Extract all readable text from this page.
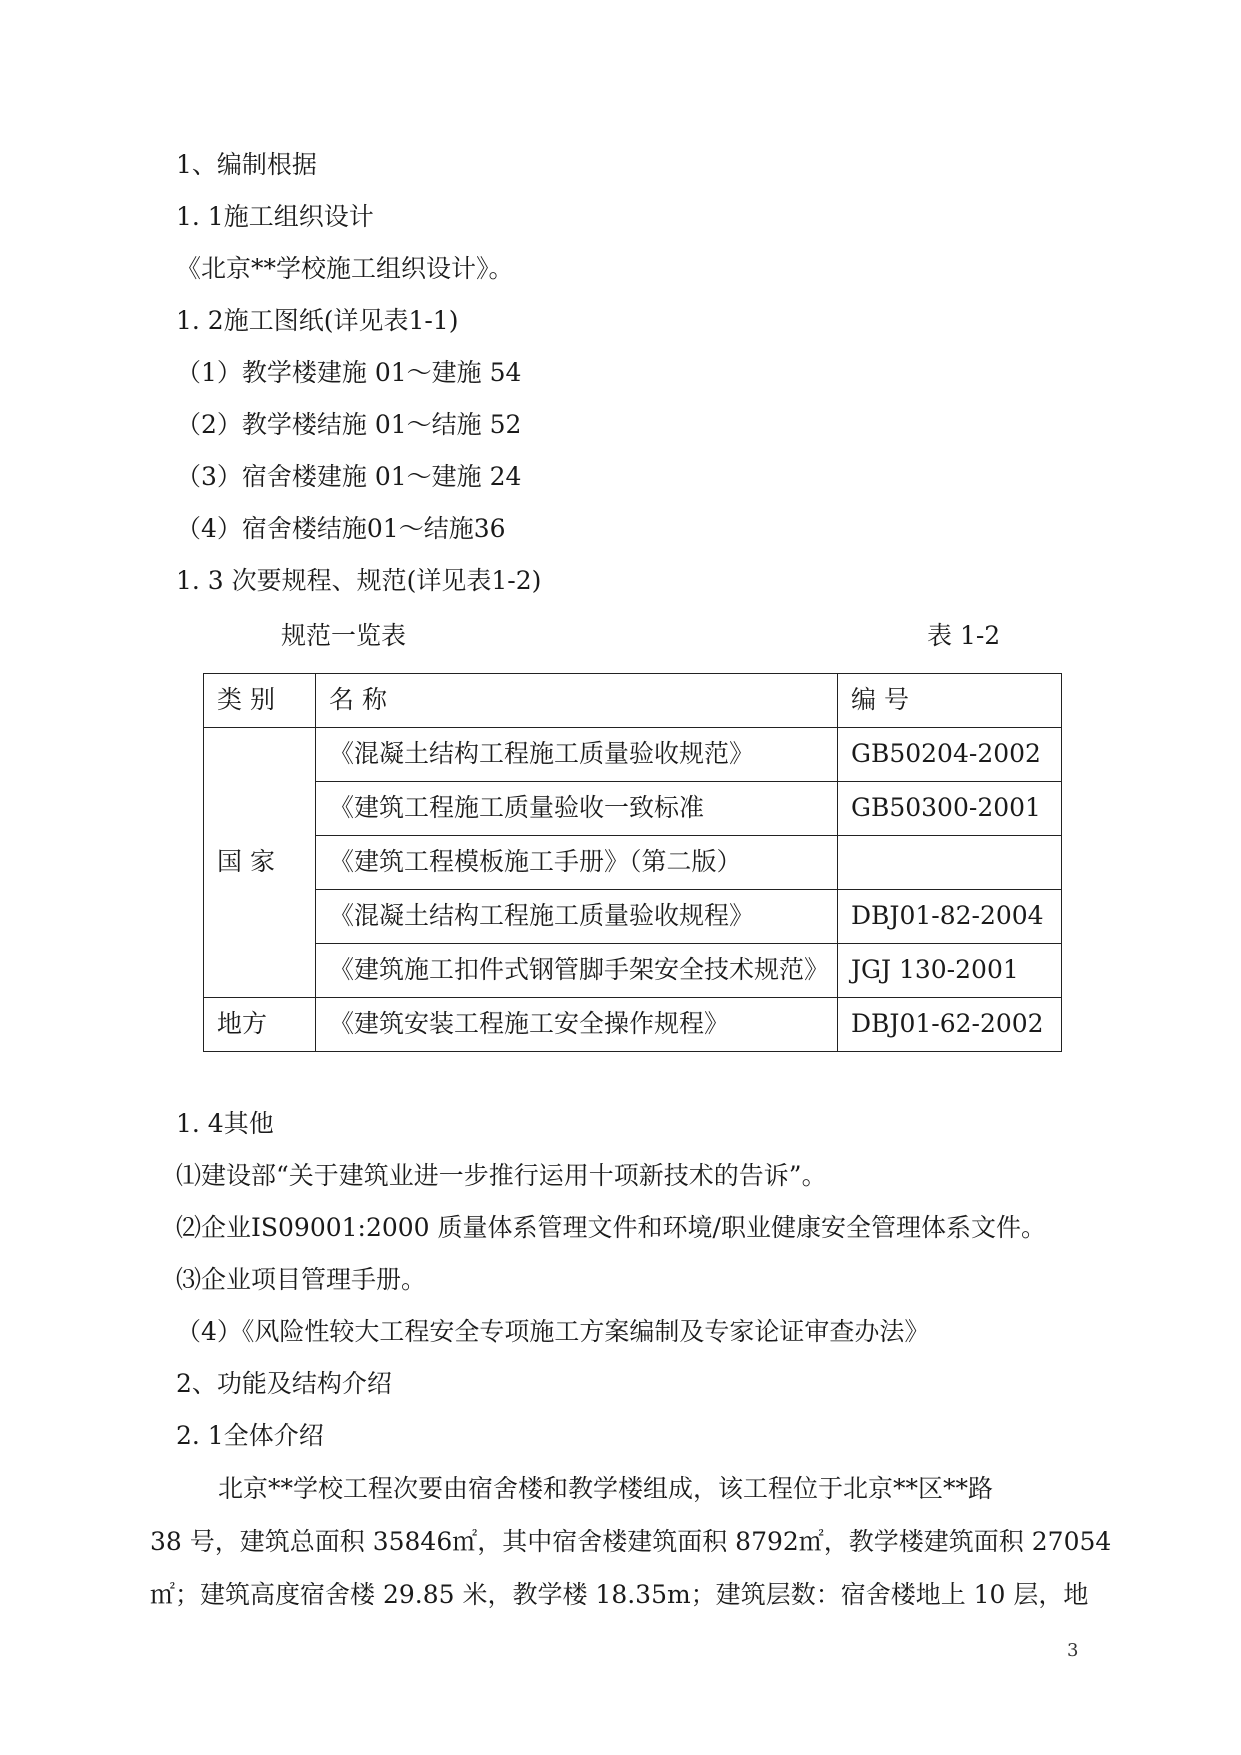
1、编制根据
1. 1施工组织设计
《北京**学校施工组织设计》。
1. 2施工图纸(详见表1-1)
（1）教学楼建施 01～建施 54
（2）教学楼结施 01～结施 52
（3）宿舍楼建施 01～建施 24
（4）宿舍楼结施01～结施36
1. 3 次要规程、规范(详见表1-2)
规范一览表	表 1-2
类 别	名 称	编 号
国 家	《混凝土结构工程施工质量验收规范》	GB50204-2002
	《建筑工程施工质量验收一致标准	GB50300-2001
	《建筑工程模板施工手册》（第二版）	
	《混凝土结构工程施工质量验收规程》	DBJ01-82-2004
	《建筑施工扣件式钢管脚手架安全技术规范》	JGJ 130-2001
地方	《建筑安装工程施工安全操作规程》	DBJ01-62-2002
1. 4其他
⑴建设部“关于建筑业进一步推行运用十项新技术的告诉”。
⑵企业IS09001:2000 质量体系管理文件和环境/职业健康安全管理体系文件。
⑶企业项目管理手册。
（4）《风险性较大工程安全专项施工方案编制及专家论证审查办法》
2、功能及结构介绍
2. 1全体介绍
北京**学校工程次要由宿舍楼和教学楼组成，该工程位于北京**区**路
38 号，建筑总面积 35846㎡，其中宿舍楼建筑面积 8792㎡，教学楼建筑面积 27054
㎡；建筑高度宿舍楼 29.85 米，教学楼 18.35m；建筑层数：宿舍楼地上 10 层，地
3
